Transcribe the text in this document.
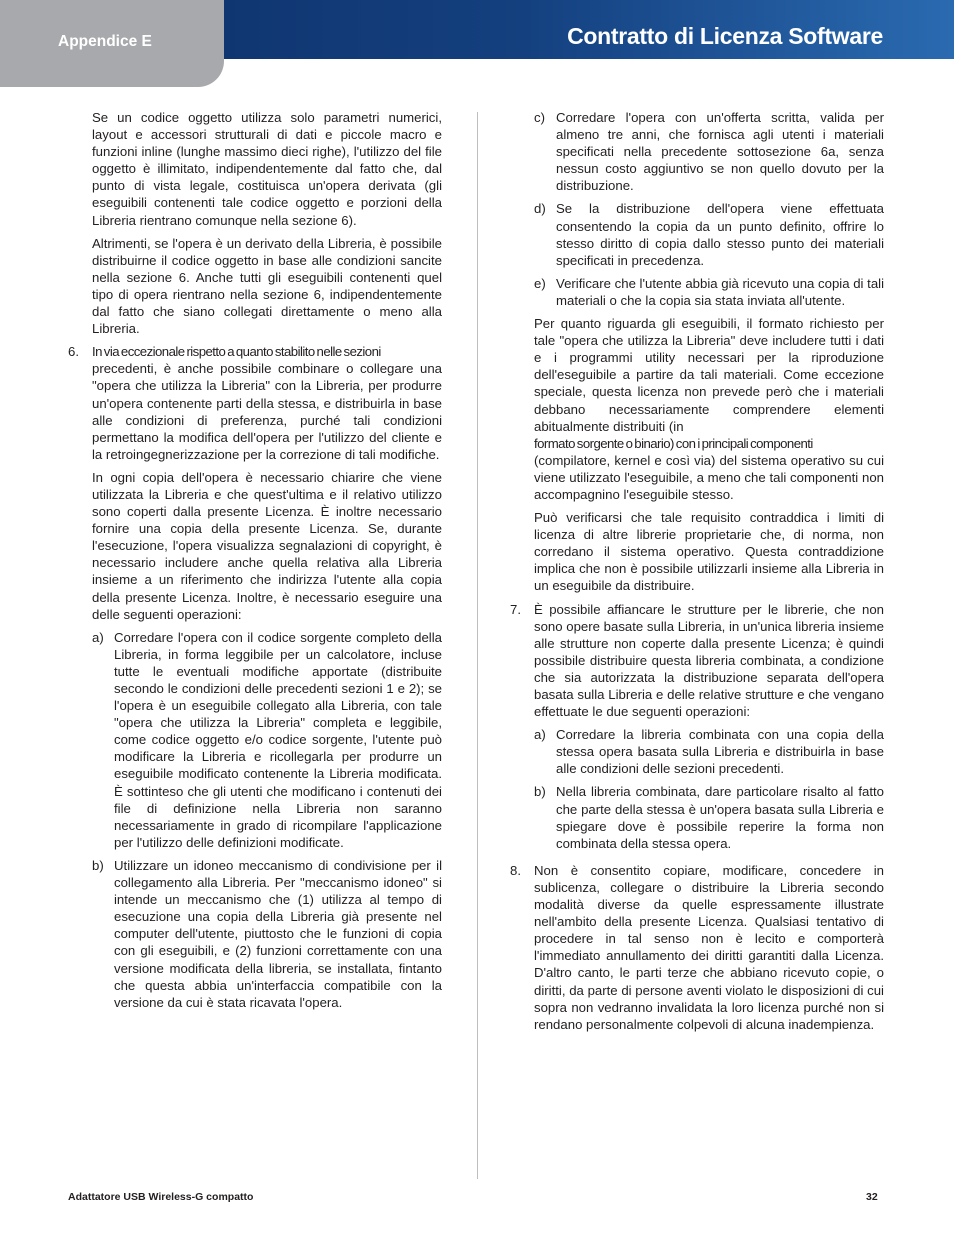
Appendice E	Contratto di Licenza Software

Se un codice oggetto utilizza solo parametri numerici, layout e accessori strutturali di dati e piccole macro e funzioni inline (lunghe massimo dieci righe), l'utilizzo del file oggetto è illimitato, indipendentemente dal fatto che, dal punto di vista legale, costituisca un'opera derivata (gli eseguibili contenenti tale codice oggetto e porzioni della Libreria rientrano comunque nella sezione 6).

Altrimenti, se l'opera è un derivato della Libreria, è possibile distribuirne il codice oggetto in base alle condizioni sancite nella sezione 6. Anche tutti gli eseguibili contenenti quel tipo di opera rientrano nella sezione 6, indipendentemente dal fatto che siano collegati direttamente o meno alla Libreria.

6. In via eccezionale rispetto a quanto stabilito nelle sezioni
precedenti, è anche possibile combinare o collegare una "opera che utilizza la Libreria" con la Libreria, per produrre un'opera contenente parti della stessa, e distribuirla in base alle condizioni di preferenza, purché tali condizioni permettano la modifica dell'opera per l'utilizzo del cliente e la retroingegnerizzazione per la correzione di tali modifiche.

In ogni copia dell'opera è necessario chiarire che viene utilizzata la Libreria e che quest'ultima e il relativo utilizzo sono coperti dalla presente Licenza. È inoltre necessario fornire una copia della presente Licenza. Se, durante l'esecuzione, l'opera visualizza segnalazioni di copyright, è necessario includere anche quella relativa alla Libreria insieme a un riferimento che indirizza l'utente alla copia della presente Licenza. Inoltre, è necessario eseguire una delle seguenti operazioni:

a) Corredare l'opera con il codice sorgente completo della Libreria, in forma leggibile per un calcolatore, incluse tutte le eventuali modifiche apportate (distribuite secondo le condizioni delle precedenti sezioni 1 e 2); se l'opera è un eseguibile collegato alla Libreria, con tale "opera che utilizza la Libreria" completa e leggibile, come codice oggetto e/o codice sorgente, l'utente può modificare la Libreria e ricollegarla per produrre un eseguibile modificato contenente la Libreria modificata. È sottinteso che gli utenti che modificano i contenuti dei file di definizione nella Libreria non saranno necessariamente in grado di ricompilare l'applicazione per l'utilizzo delle definizioni modificate.
b) Utilizzare un idoneo meccanismo di condivisione per il collegamento alla Libreria. Per "meccanismo idoneo" si intende un meccanismo che (1) utilizza al tempo di esecuzione una copia della Libreria già presente nel computer dell'utente, piuttosto che le funzioni di copia con gli eseguibili, e (2) funzioni correttamente con una versione modificata della libreria, se installata, fintanto che questa abbia un'interfaccia compatibile con la versione da cui è stata ricavata l'opera.
c) Corredare l'opera con un'offerta scritta, valida per almeno tre anni, che fornisca agli utenti i materiali specificati nella precedente sottosezione 6a, senza nessun costo aggiuntivo se non quello dovuto per la distribuzione.
d) Se la distribuzione dell'opera viene effettuata consentendo la copia da un punto definito, offrire lo stesso diritto di copia dallo stesso punto dei materiali specificati in precedenza.
e) Verificare che l'utente abbia già ricevuto una copia di tali materiali o che la copia sia stata inviata all'utente.
Per quanto riguarda gli eseguibili, il formato richiesto per tale "opera che utilizza la Libreria" deve includere tutti i dati e i programmi utility necessari per la riproduzione dell'eseguibile a partire da tali materiali. Come eccezione speciale, questa licenza non prevede però che i materiali debbano necessariamente comprendere elementi abitualmente distribuiti (in
formato sorgente o binario) con i principali componenti
(compilatore, kernel e così via) del sistema operativo su cui viene utilizzato l'eseguibile, a meno che tali componenti non accompagnino l'eseguibile stesso.

Può verificarsi che tale requisito contraddica i limiti di licenza di altre librerie proprietarie che, di norma, non corredano il sistema operativo. Questa contraddizione implica che non è possibile utilizzarli insieme alla Libreria in un eseguibile da distribuire.

7. È possibile affiancare le strutture per le librerie, che non sono opere basate sulla Libreria, in un'unica libreria insieme alle strutture non coperte dalla presente Licenza; è quindi possibile distribuire questa libreria combinata, a condizione che sia autorizzata la distribuzione separata dell'opera basata sulla Libreria e delle relative strutture e che vengano effettuate le due seguenti operazioni:
a) Corredare la libreria combinata con una copia della stessa opera basata sulla Libreria e distribuirla in base alle condizioni delle sezioni precedenti.
b) Nella libreria combinata, dare particolare risalto al fatto che parte della stessa è un'opera basata sulla Libreria e spiegare dove è possibile reperire la forma non combinata della stessa opera.
8. Non è consentito copiare, modificare, concedere in sublicenza, collegare o distribuire la Libreria secondo modalità diverse da quelle espressamente illustrate nell'ambito della presente Licenza. Qualsiasi tentativo di procedere in tal senso non è lecito e comporterà l'immediato annullamento dei diritti garantiti dalla Licenza. D'altro canto, le parti terze che abbiano ricevuto copie, o diritti, da parte di persone aventi violato le disposizioni di cui sopra non vedranno invalidata la loro licenza purché non si rendano personalmente colpevoli di alcuna inadempienza.
Adattatore USB Wireless-G compatto	32
